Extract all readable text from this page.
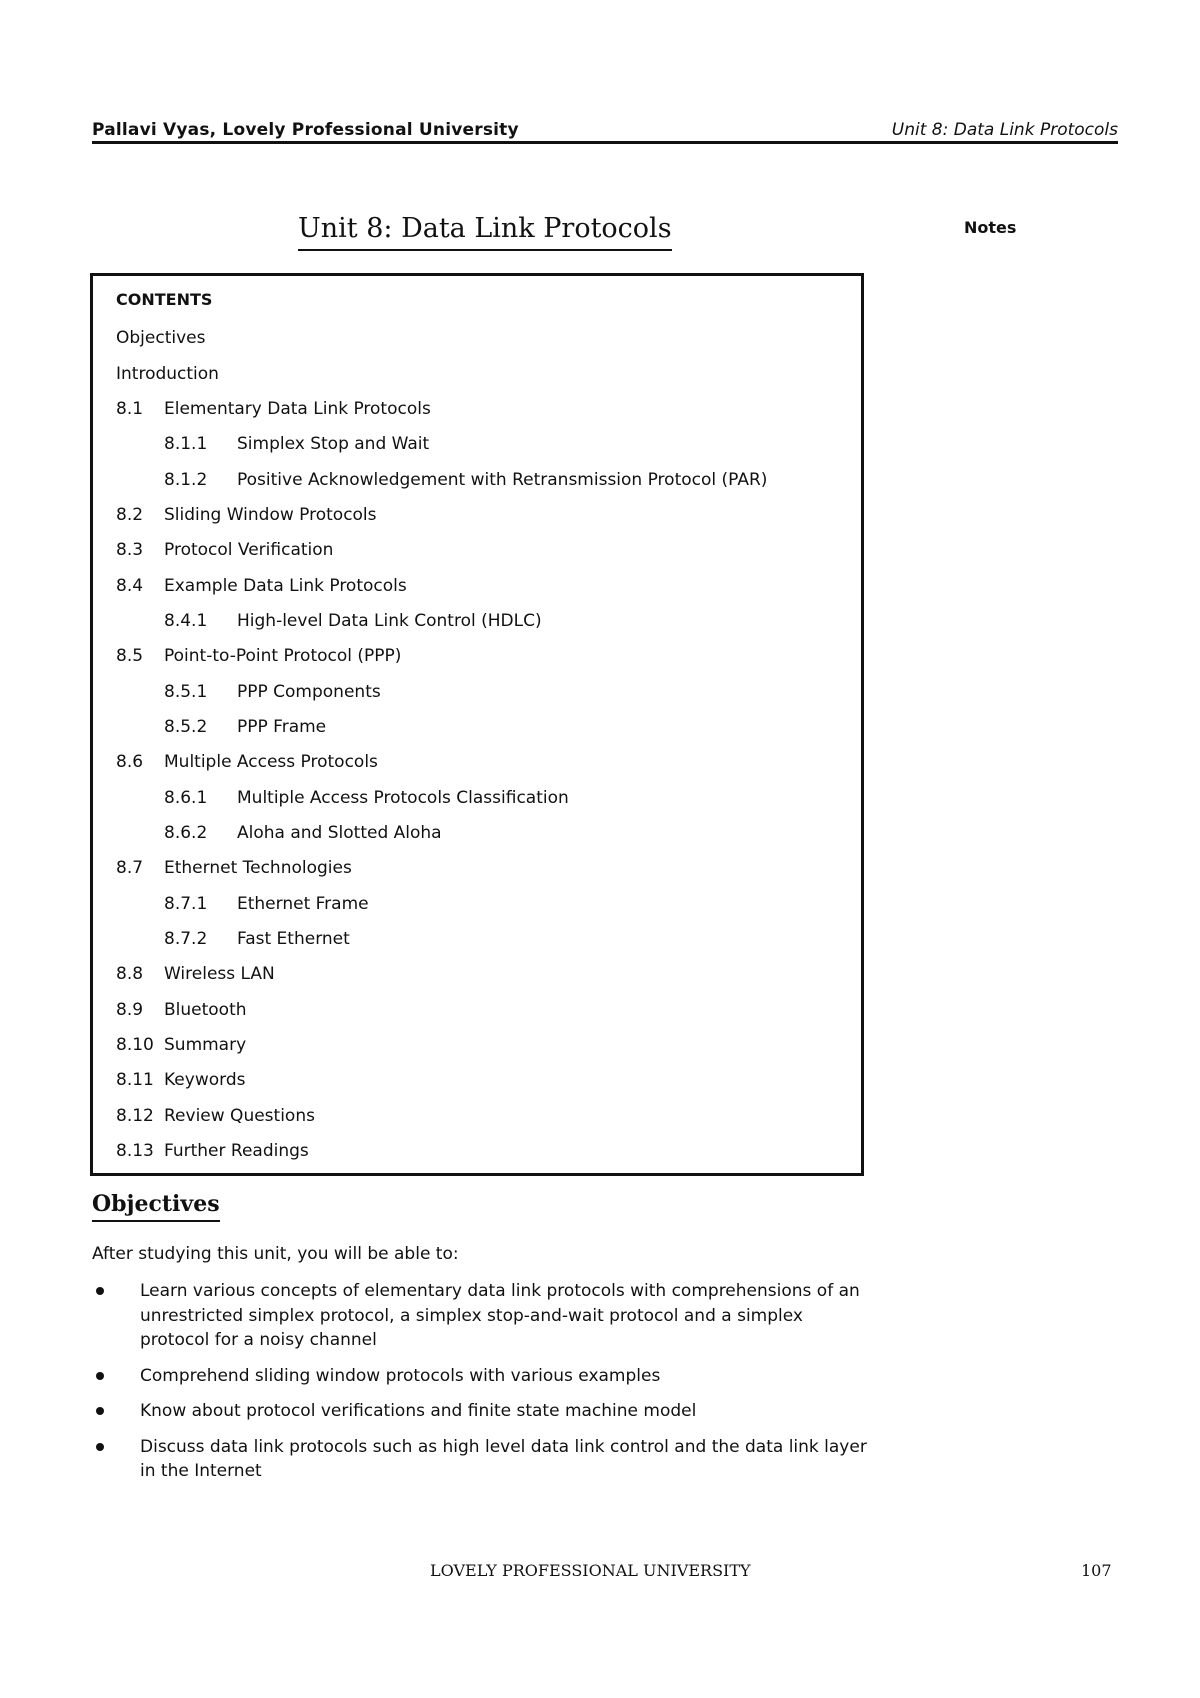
Pallavi Vyas, Lovely Professional University	Unit 8: Data Link Protocols
Unit 8: Data Link Protocols	Notes
CONTENTS
Objectives
Introduction
8.1 Elementary Data Link Protocols
8.1.1 Simplex Stop and Wait
8.1.2 Positive Acknowledgement with Retransmission Protocol (PAR)
8.2 Sliding Window Protocols
8.3 Protocol Verification
8.4 Example Data Link Protocols
8.4.1 High-level Data Link Control (HDLC)
8.5 Point-to-Point Protocol (PPP)
8.5.1 PPP Components
8.5.2 PPP Frame
8.6 Multiple Access Protocols
8.6.1 Multiple Access Protocols Classification
8.6.2 Aloha and Slotted Aloha
8.7 Ethernet Technologies
8.7.1 Ethernet Frame
8.7.2 Fast Ethernet
8.8 Wireless LAN
8.9 Bluetooth
8.10 Summary
8.11 Keywords
8.12 Review Questions
8.13 Further Readings
Objectives
After studying this unit, you will be able to:
Learn various concepts of elementary data link protocols with comprehensions of an unrestricted simplex protocol, a simplex stop-and-wait protocol and a simplex protocol for a noisy channel
Comprehend sliding window protocols with various examples
Know about protocol verifications and finite state machine model
Discuss data link protocols such as high level data link control and the data link layer in the Internet
LOVELY PROFESSIONAL UNIVERSITY	107
